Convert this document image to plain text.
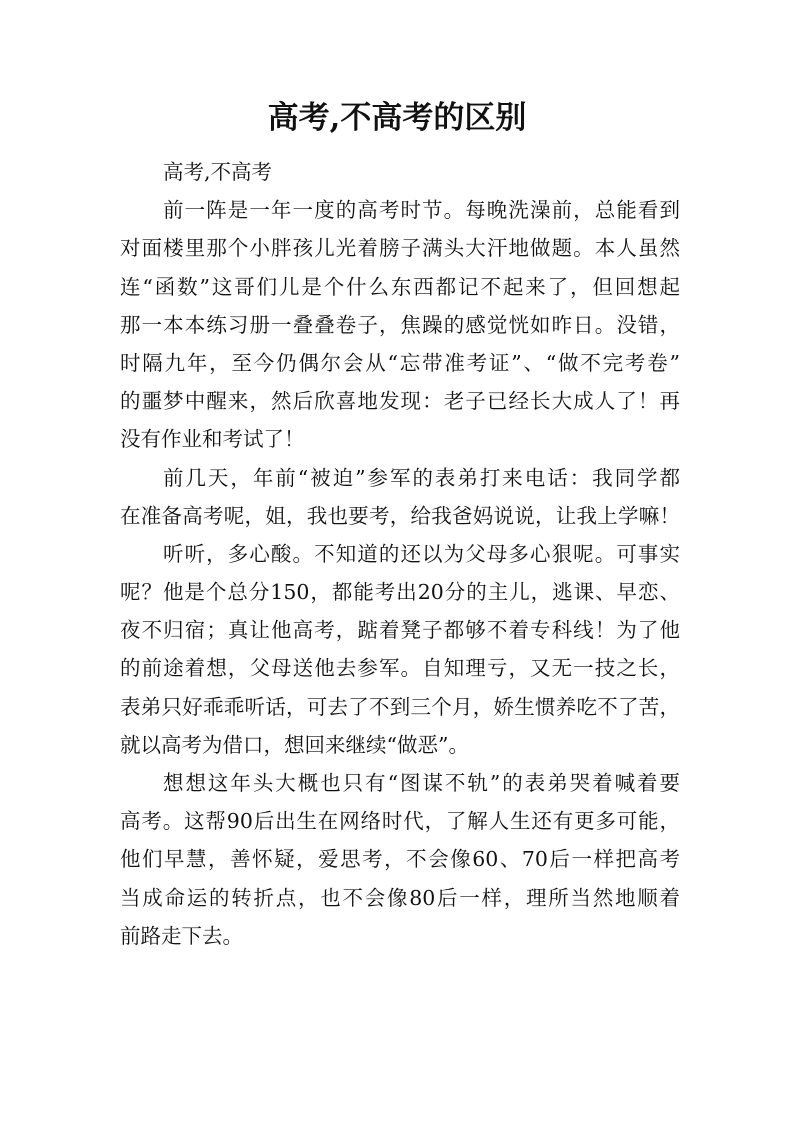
高考,不高考的区别
高考,不高考
前一阵是一年一度的高考时节。每晚洗澡前，总能看到
对面楼里那个小胖孩儿光着膀子满头大汗地做题。本人虽然
连“函数”这哥们儿是个什么东西都记不起来了，但回想起
那一本本练习册一叠叠卷子，焦躁的感觉恍如昨日。没错，
时隔九年，至今仍偶尔会从“忘带准考证”、“做不完考卷”
的噩梦中醒来，然后欣喜地发现：老子已经长大成人了！再
没有作业和考试了！
前几天，年前“被迫”参军的表弟打来电话：我同学都
在准备高考呢，姐，我也要考，给我爸妈说说，让我上学嘛！
听听，多心酸。不知道的还以为父母多心狠呢。可事实
呢？他是个总分150，都能考出20分的主儿，逃课、早恋、
夜不归宿；真让他高考，踮着凳子都够不着专科线！为了他
的前途着想，父母送他去参军。自知理亏，又无一技之长，
表弟只好乖乖听话，可去了不到三个月，娇生惯养吃不了苦，
就以高考为借口，想回来继续“做恶”。
想想这年头大概也只有“图谋不轨”的表弟哭着喊着要
高考。这帮90后出生在网络时代，了解人生还有更多可能，
他们早慧，善怀疑，爱思考，不会像60、70后一样把高考
当成命运的转折点，也不会像80后一样，理所当然地顺着
前路走下去。
